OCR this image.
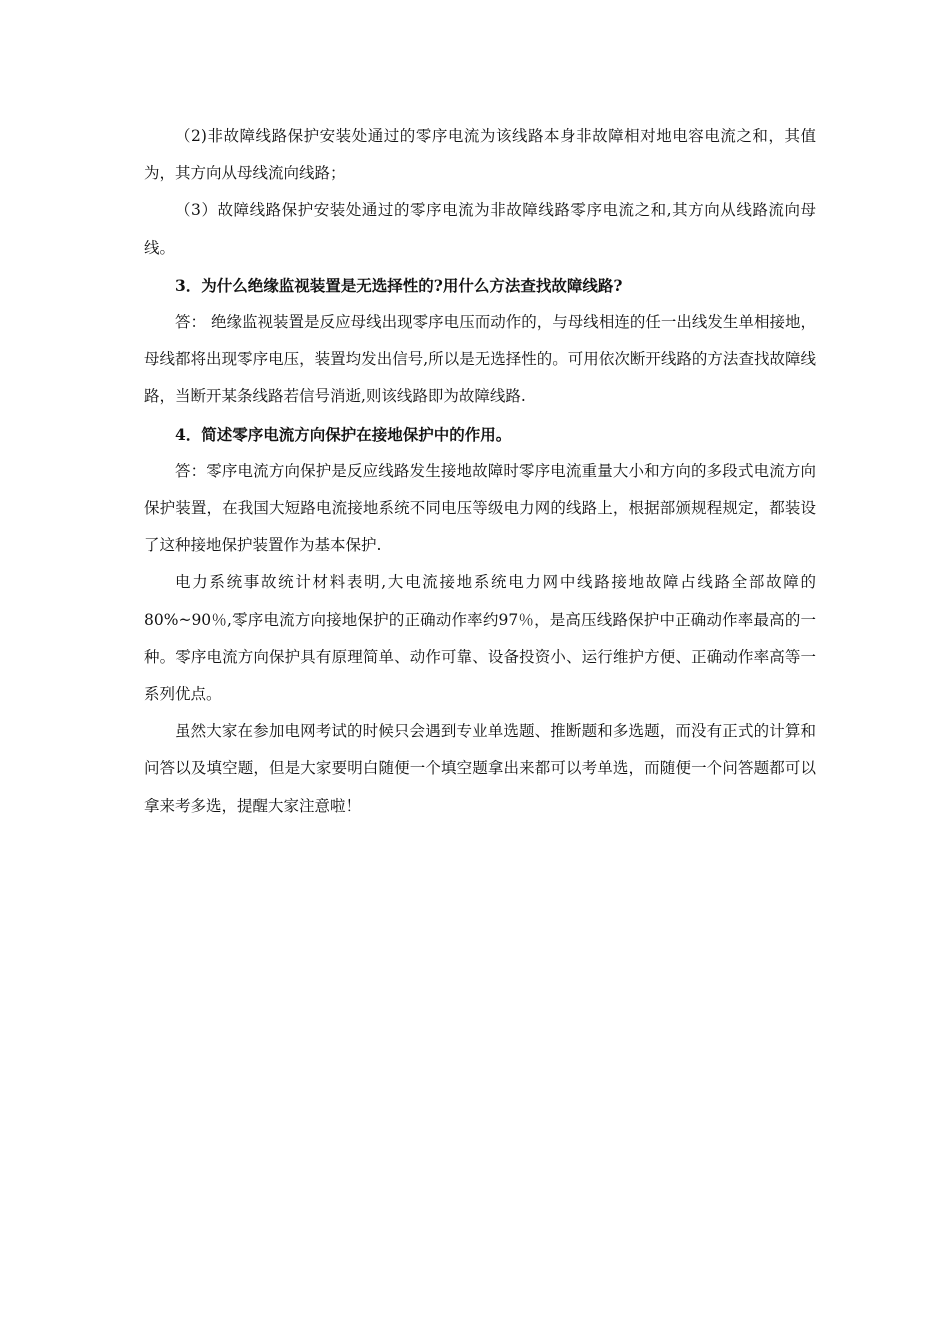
（2)非故障线路保护安装处通过的零序电流为该线路本身非故障相对地电容电流之和，其值为，其方向从母线流向线路；

（3）故障线路保护安装处通过的零序电流为非故障线路零序电流之和,其方向从线路流向母线。

3．为什么绝缘监视装置是无选择性的?用什么方法查找故障线路?

答： 绝缘监视装置是反应母线出现零序电压而动作的，与母线相连的任一出线发生单相接地，母线都将出现零序电压，装置均发出信号,所以是无选择性的。可用依次断开线路的方法查找故障线路，当断开某条线路若信号消逝,则该线路即为故障线路.

4．简述零序电流方向保护在接地保护中的作用。

答：零序电流方向保护是反应线路发生接地故障时零序电流重量大小和方向的多段式电流方向保护装置，在我国大短路电流接地系统不同电压等级电力网的线路上，根据部颁规程规定，都装设了这种接地保护装置作为基本保护.

电力系统事故统计材料表明,大电流接地系统电力网中线路接地故障占线路全部故障的80%~90％,零序电流方向接地保护的正确动作率约97％，是高压线路保护中正确动作率最高的一种。零序电流方向保护具有原理简单、动作可靠、设备投资小、运行维护方便、正确动作率高等一系列优点。

虽然大家在参加电网考试的时候只会遇到专业单选题、推断题和多选题，而没有正式的计算和问答以及填空题，但是大家要明白随便一个填空题拿出来都可以考单选，而随便一个问答题都可以拿来考多选，提醒大家注意啦！
